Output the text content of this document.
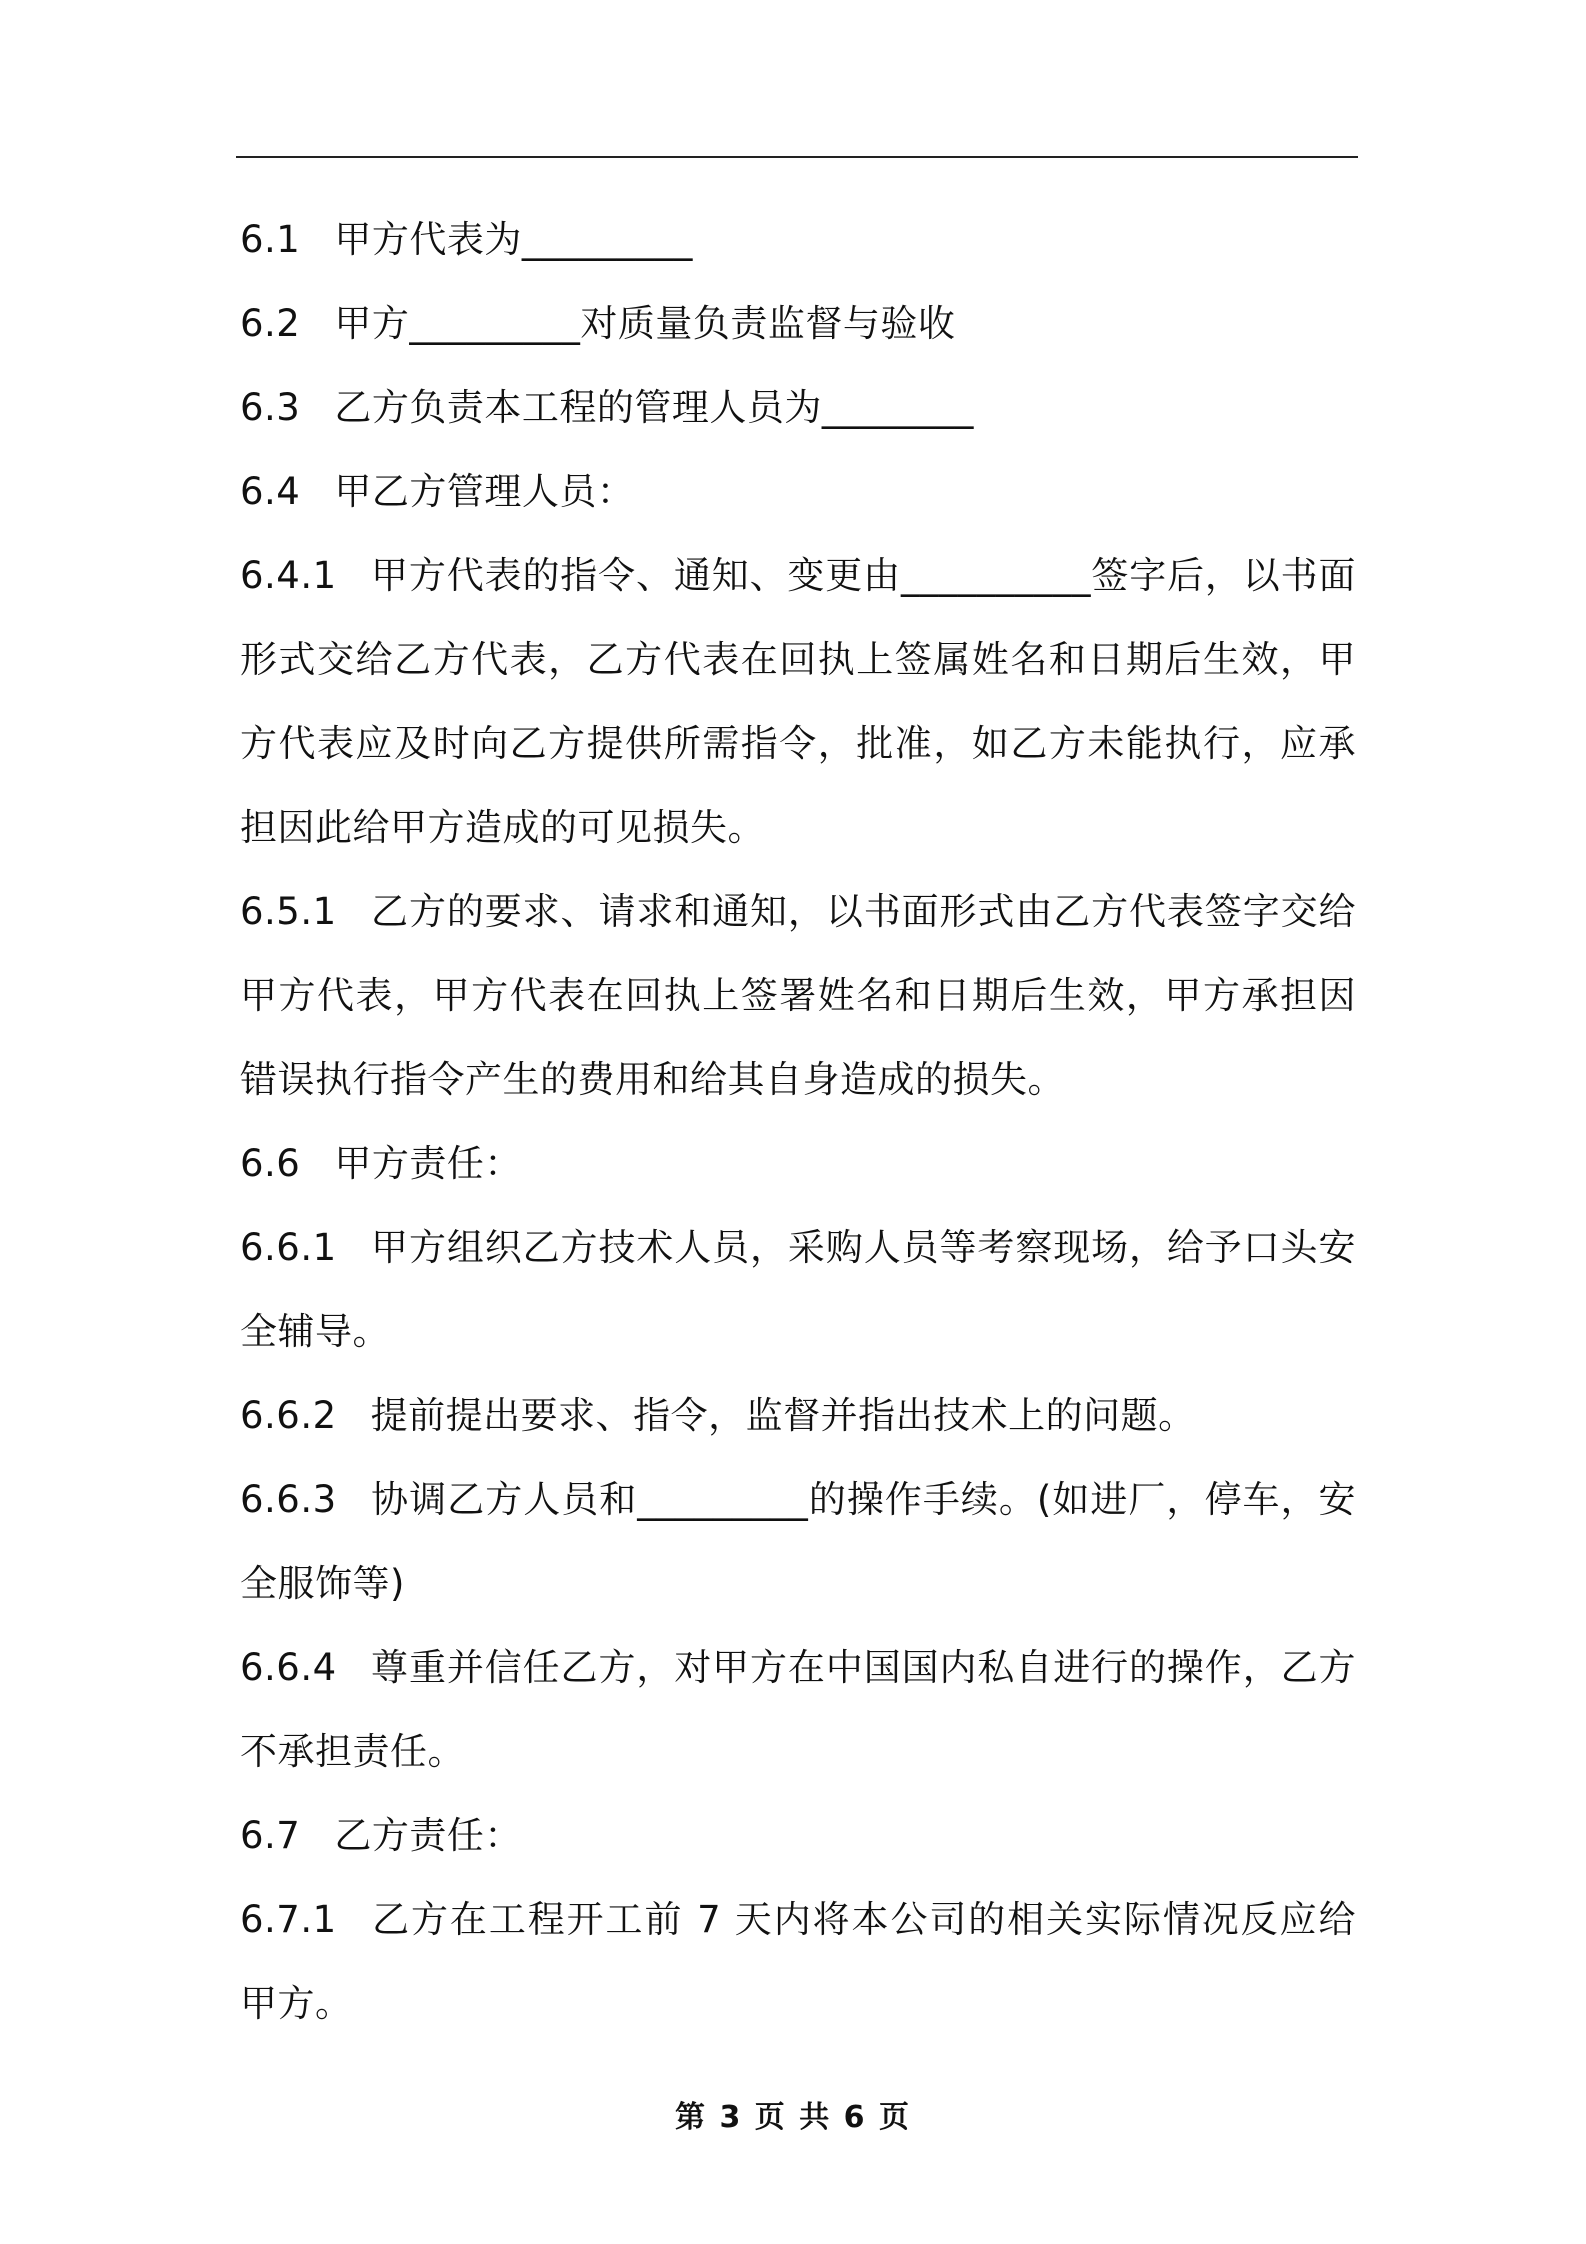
6.1 甲方代表为_________

6.2 甲方_________对质量负责监督与验收

6.3 乙方负责本工程的管理人员为________

6.4 甲乙方管理人员：

6.4.1 甲方代表的指令、通知、变更由__________签字后，以书面形式交给乙方代表，乙方代表在回执上签属姓名和日期后生效，甲方代表应及时向乙方提供所需指令，批准，如乙方未能执行，应承担因此给甲方造成的可见损失。

6.5.1 乙方的要求、请求和通知，以书面形式由乙方代表签字交给甲方代表，甲方代表在回执上签署姓名和日期后生效，甲方承担因错误执行指令产生的费用和给其自身造成的损失。

6.6 甲方责任：

6.6.1 甲方组织乙方技术人员，采购人员等考察现场，给予口头安全辅导。

6.6.2 提前提出要求、指令，监督并指出技术上的问题。

6.6.3 协调乙方人员和_________的操作手续。(如进厂，停车，安全服饰等)

6.6.4 尊重并信任乙方，对甲方在中国国内私自进行的操作，乙方不承担责任。

6.7 乙方责任：

6.7.1 乙方在工程开工前 7 天内将本公司的相关实际情况反应给甲方。

第 3 页 共 6 页
